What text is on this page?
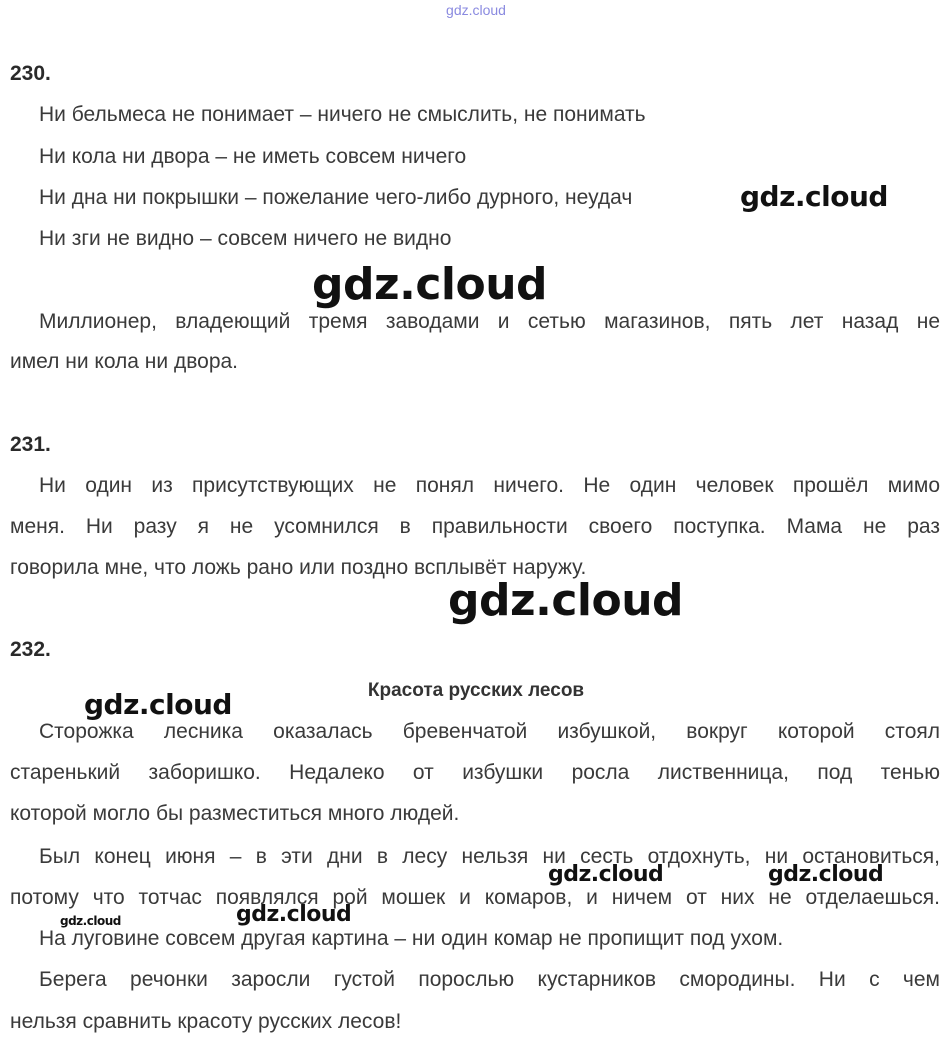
gdz.cloud
230.
Ни бельмеса не понимает – ничего не смыслить, не понимать
Ни кола ни двора – не иметь совсем ничего
Ни дна ни покрышки – пожелание чего-либо дурного, неудач
Ни зги не видно – совсем ничего не видно
Миллионер, владеющий тремя заводами и сетью магазинов, пять лет назад не
имел ни кола ни двора.
231.
Ни один из присутствующих не понял ничего. Не один человек прошёл мимо
меня. Ни разу я не усомнился в правильности своего поступка. Мама не раз
говорила мне, что ложь рано или поздно всплывёт наружу.
232.
Красота русских лесов
Сторожка лесника оказалась бревенчатой избушкой, вокруг которой стоял
старенький заборишко. Недалеко от избушки росла лиственница, под тенью
которой могло бы разместиться много людей.
Был конец июня – в эти дни в лесу нельзя ни сесть отдохнуть, ни остановиться,
потому что тотчас появлялся рой мошек и комаров, и ничем от них не отделаешься.
На луговине совсем другая картина – ни один комар не пропищит под ухом.
Берега речонки заросли густой порослью кустарников смородины. Ни с чем
нельзя сравнить красоту русских лесов!
gdz.cloud
gdz.cloud
gdz.cloud
gdz.cloud
gdz.cloud	gdz.cloud
gdz.cloud
gdz.cloud
